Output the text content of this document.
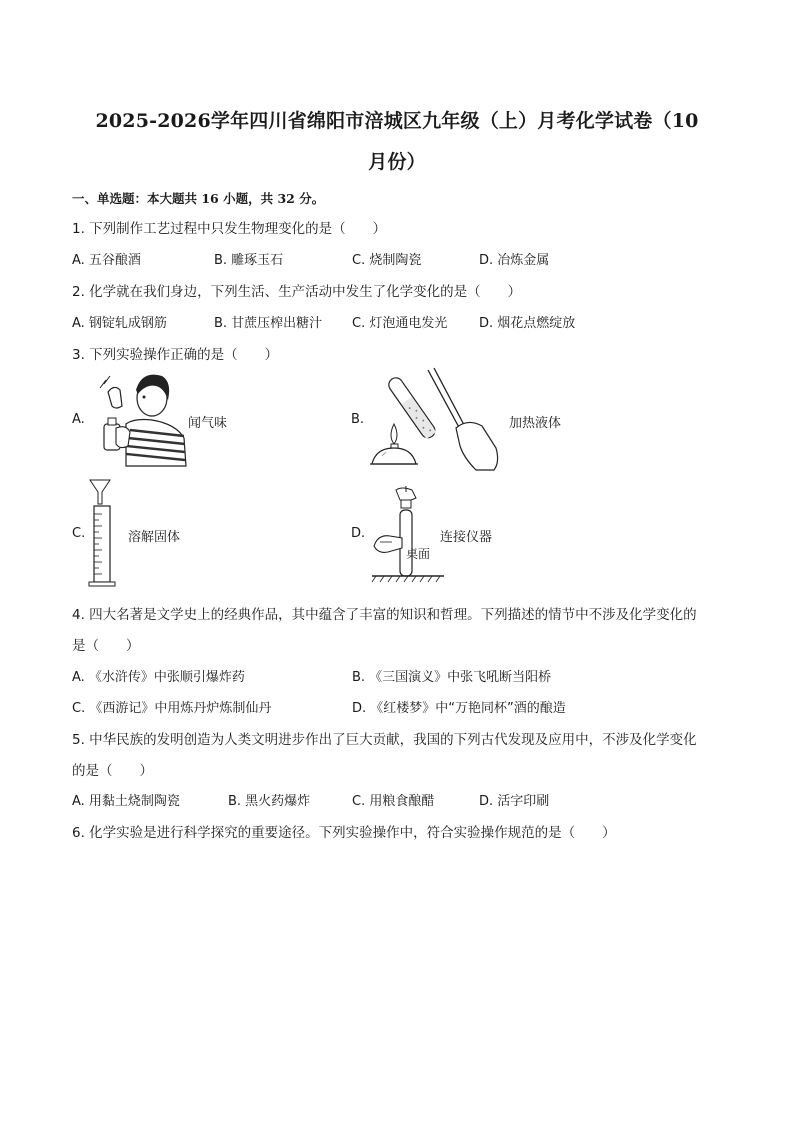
2025-2026学年四川省绵阳市涪城区九年级（上）月考化学试卷（10
月份）
一、单选题：本大题共 16 小题，共 32 分。
1. 下列制作工艺过程中只发生物理变化的是（　　）
A. 五谷酿酒	B. 雕琢玉石	C. 烧制陶瓷	D. 冶炼金属
2. 化学就在我们身边，下列生活、生产活动中发生了化学变化的是（　　）
A. 钢锭轧成钢筋	B. 甘蔗压榨出糖汁 C. 灯泡通电发光 D. 烟花点燃绽放
3. 下列实验操作正确的是（　　）
A.	闻气味	B.	加热液体
C.	溶解固体	D.
桌面
连接仪器
4. 四大名著是文学史上的经典作品，其中蕴含了丰富的知识和哲理。下列描述的情节中不涉及化学变化的
是（　　）
A. 《水浒传》中张顺引爆炸药	B. 《三国演义》中张飞吼断当阳桥
C. 《西游记》中用炼丹炉炼制仙丹	D. 《红楼梦》中“万艳同杯”酒的酿造
5. 中华民族的发明创造为人类文明进步作出了巨大贡献，我国的下列古代发现及应用中，不涉及化学变化
的是（　　）
A. 用黏土烧制陶瓷	B. 黑火药爆炸	C. 用粮食酿醋	D. 活字印刷
6. 化学实验是进行科学探究的重要途径。下列实验操作中，符合实验操作规范的是（　　）
